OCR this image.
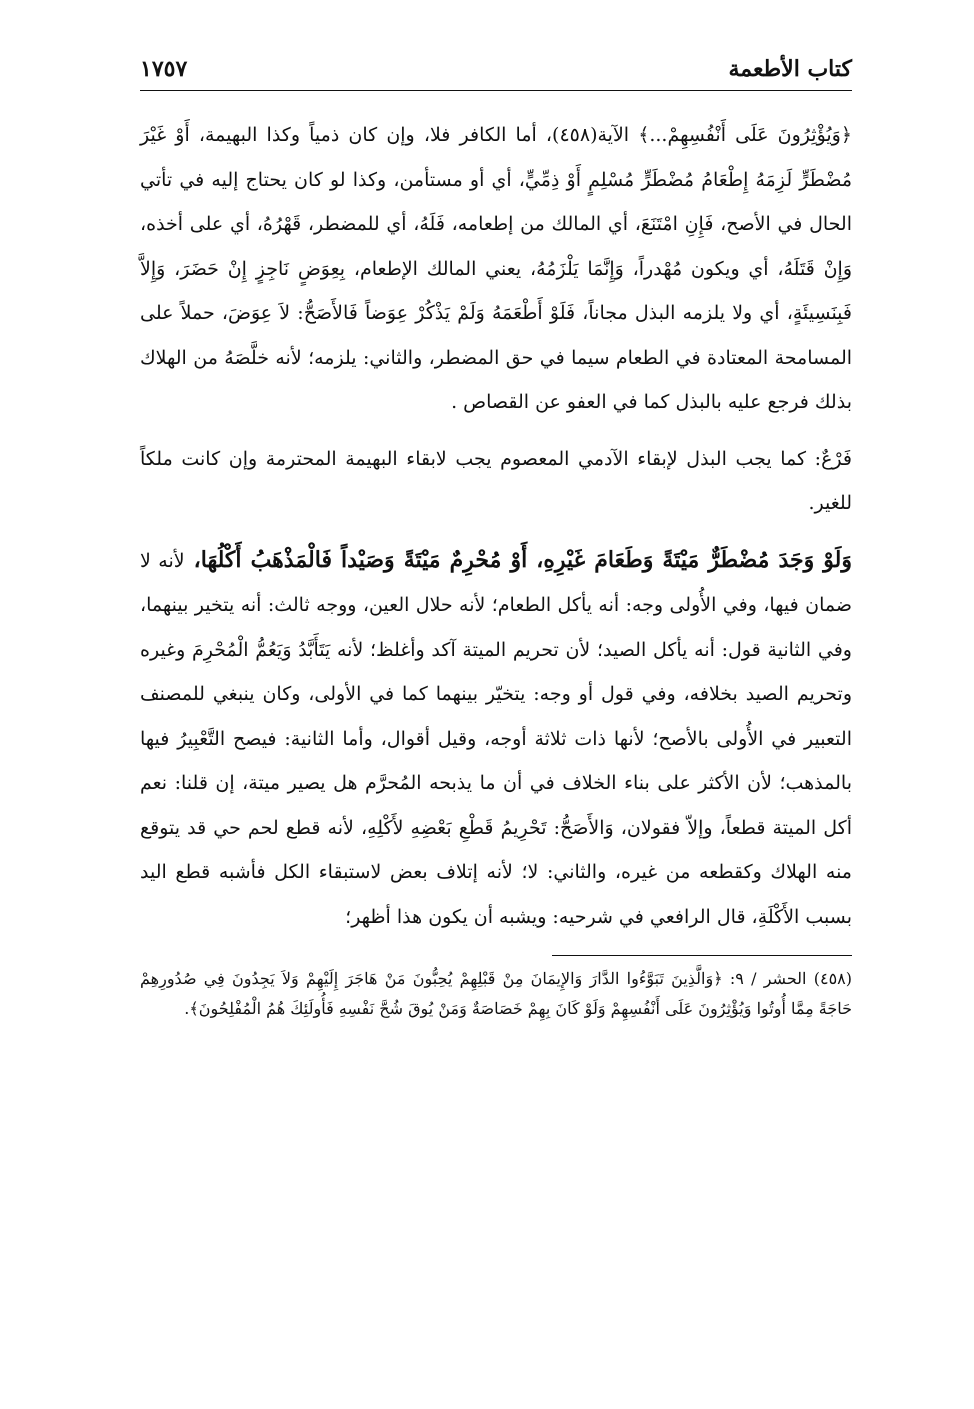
كتاب الأطعمة
١٧٥٧

﴿وَيُؤْثِرُونَ عَلَى أَنْفُسِهِمْ...﴾ الآية(٤٥٨)، أما الكافر فلا، وإن كان ذمياً وكذا البهيمة، أَوْ غَيْرَ مُضْطَرٍّ لَزِمَهُ إِطْعَامُ مُضْطَرٍّ مُسْلِمٍ أَوْ ذِمِّيٍّ، أي أو مستأمن، وكذا لو كان يحتاج إليه في تأتي الحال في الأصح، فَإِنِ امْتَنَعَ، أي المالك من إطعامه، فَلَهُ، أي للمضطر، قَهْرُهُ، أي على أخذه، وَإِنْ قَتَلَهُ، أي ويكون مُهْدراً، وَإِنَّمَا يَلْزَمُهُ، يعني المالك الإطعام، بِعِوَضٍ نَاجِزٍ إِنْ حَضَرَ، وَإِلاَّ فَبِنَسِيئَةٍ، أي ولا يلزمه البذل مجاناً، فَلَوْ أَطْعَمَهُ وَلَمْ يَذْكُرْ عِوَضاً فَالأَصَحُّ: لاَ عِوَضَ، حملاً على المسامحة المعتادة في الطعام سيما في حق المضطر، والثاني: يلزمه؛ لأنه خلَّصَهُ من الهلاك بذلك فرجع عليه بالبذل كما في العفو عن القصاص .

فَرْعٌ: كما يجب البذل لإبقاء الآدمي المعصوم يجب لابقاء البهيمة المحترمة وإن كانت ملكاً للغير.

وَلَوْ وَجَدَ مُضْطَرٌّ مَيْتَةً وَطَعَامَ غَيْرِهِ، أَوْ مُحْرِمٌ مَيْتَةً وَصَيْداً فَالْمَذْهَبُ أَكْلُهَا، لأنه لا ضمان فيها، وفي الأُولى وجه: أنه يأكل الطعام؛ لأنه حلال العين، ووجه ثالث: أنه يتخير بينهما، وفي الثانية قول: أنه يأكل الصيد؛ لأن تحريم الميتة آكد وأغلظ؛ لأنه يَتَأَبَّدُ وَيَعُمُّ الْمُحْرِمَ وغيره وتحريم الصيد بخلافه، وفي قول أو وجه: يتخيّر بينهما كما في الأولى، وكان ينبغي للمصنف التعبير في الأُولى بالأصح؛ لأنها ذات ثلاثة أوجه، وقيل أقوال، وأما الثانية: فيصح التَّعْبِيرُ فيها بالمذهب؛ لأن الأكثر على بناء الخلاف في أن ما يذبحه المُحرَّم هل يصير ميتة، إن قلنا: نعم أكل الميتة قطعاً، وإلاّ فقولان، وَالأَصَحُّ: تَحْرِيمُ قَطْعِ بَعْضِهِ لأَكْلِهِ، لأنه قطع لحم حي قد يتوقع منه الهلاك وكقطعه من غيره، والثاني: لا؛ لأنه إتلاف بعض لاستبقاء الكل فأشبه قطع اليد بسبب الأَكْلَةِ، قال الرافعي في شرحيه: ويشبه أن يكون هذا أظهر؛

(٤٥٨) الحشر / ٩: ﴿وَالَّذِينَ تَبَوَّءُوا الدَّارَ وَالإِيمَانَ مِنْ قَبْلِهِمْ يُحِبُّونَ مَنْ هَاجَرَ إِلَيْهِمْ وَلاَ يَجِدُونَ فِي صُدُورِهِمْ حَاجَةً مِمَّا أُوتُوا وَيُؤْثِرُونَ عَلَى أَنْفُسِهِمْ وَلَوْ كَانَ بِهِمْ خَصَاصَةٌ وَمَنْ يُوقَ شُحَّ نَفْسِهِ فَأُولَئِكَ هُمُ الْمُفْلِحُونَ﴾.
